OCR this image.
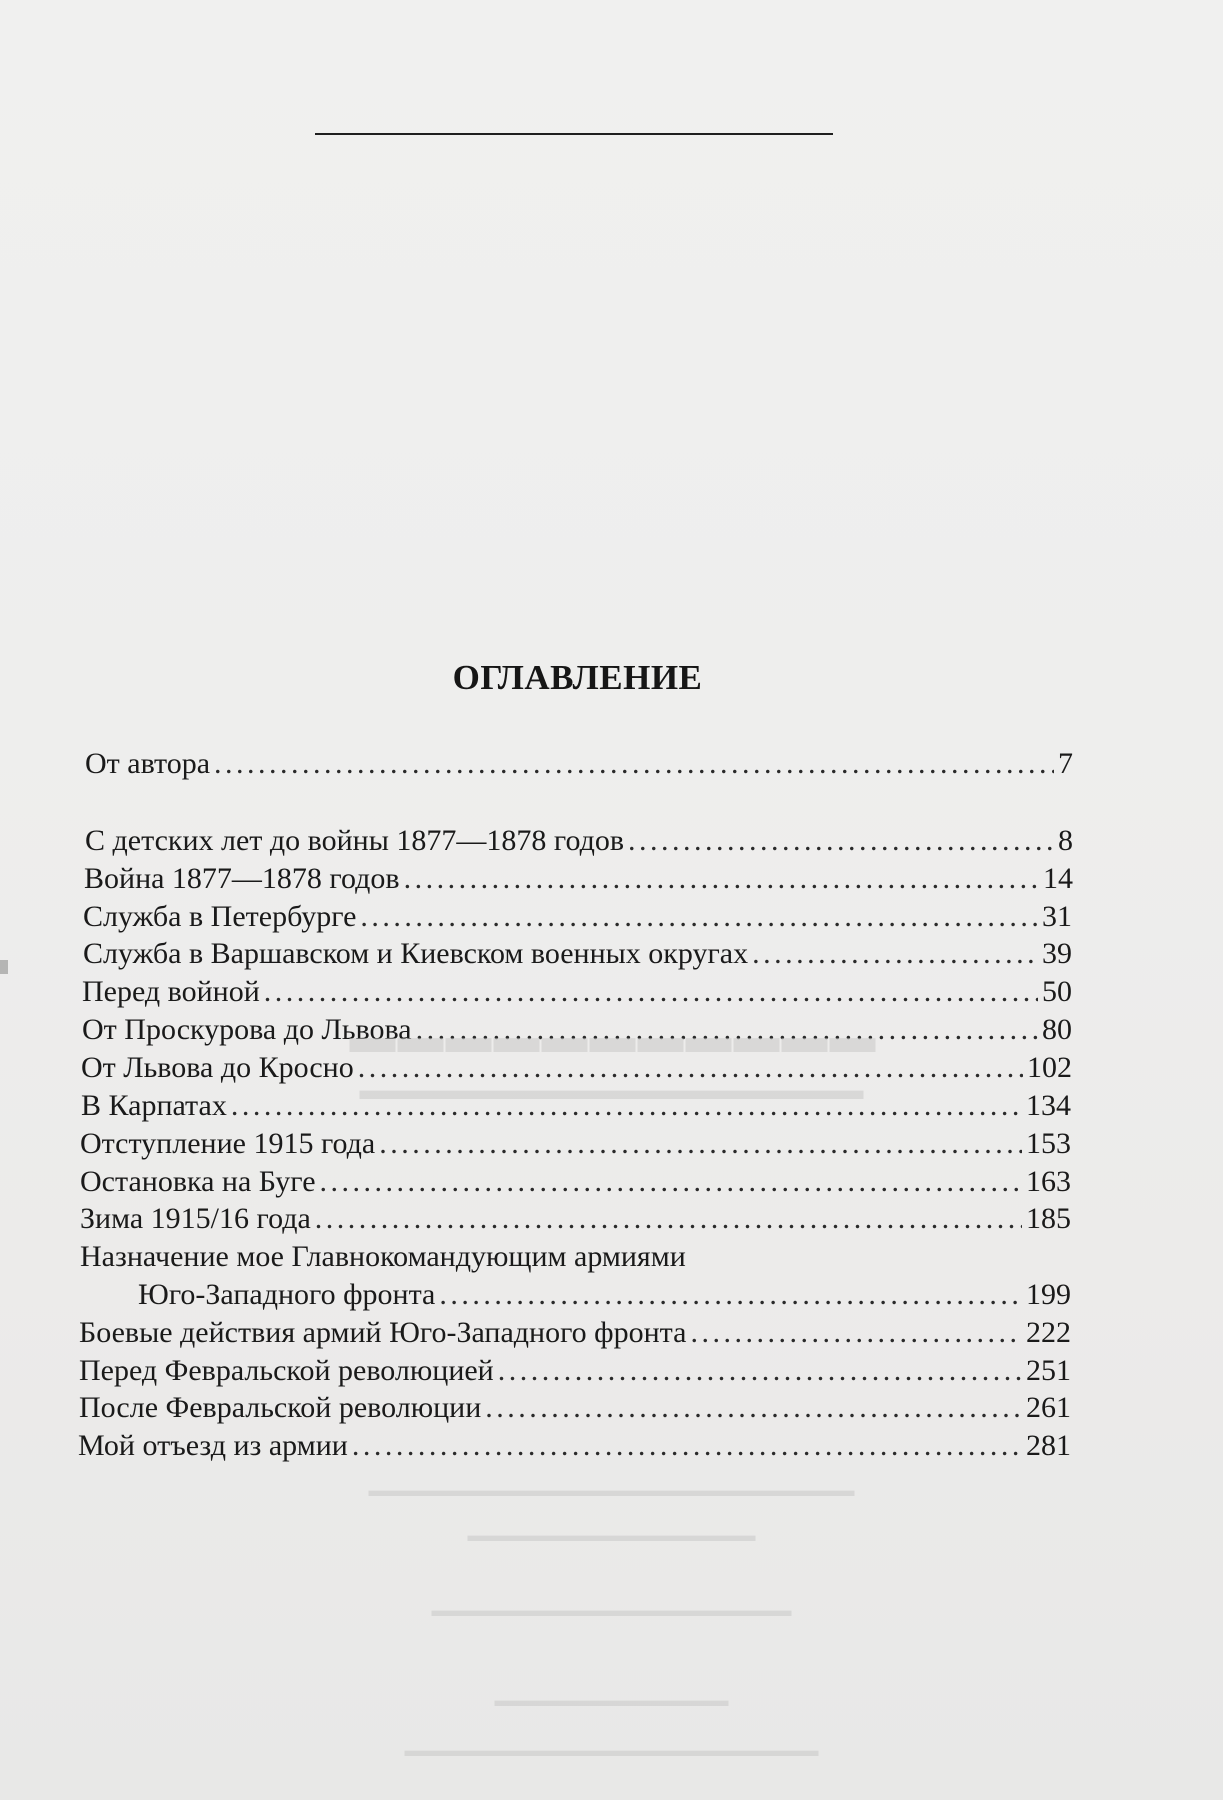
ОГЛАВЛЕНИЕ
От автора . . .	7
С детских лет до войны 1877—1878 годов . . .	8
Война 1877—1878 годов . . .	14
Служба в Петербурге . . .	31
Служба в Варшавском и Киевском военных округах . . .	39
Перед войной . . .	50
От Проскурова до Львова . . .	80
От Львова до Кросно . . .	102
В Карпатах . . .	134
Отступление 1915 года . . .	153
Остановка на Буге . . .	163
Зима 1915/16 года . . .	185
Назначение мое Главнокомандующим армиями
Юго-Западного фронта . . .	199
Боевые действия армий Юго-Западного фронта . . .	222
Перед Февральской революцией . . .	251
После Февральской революции . . .	261
Мой отъезд из армии . . .	281
▬▬▬▬▬▬▬▬▬▬▬
▬▬▬▬▬▬▬▬▬▬▬▬▬▬▬▬▬▬
▬▬▬▬▬▬▬▬▬▬▬▬▬▬▬▬▬▬▬▬▬▬▬▬▬▬▬
▬▬▬▬▬▬▬▬▬▬▬▬▬▬▬▬
▬▬▬▬▬▬▬▬▬▬▬▬▬▬▬▬▬▬▬▬
▬▬▬▬▬▬▬▬▬▬▬▬▬
▬▬▬▬▬▬▬▬▬▬▬▬▬▬▬▬▬▬▬▬▬▬▬
